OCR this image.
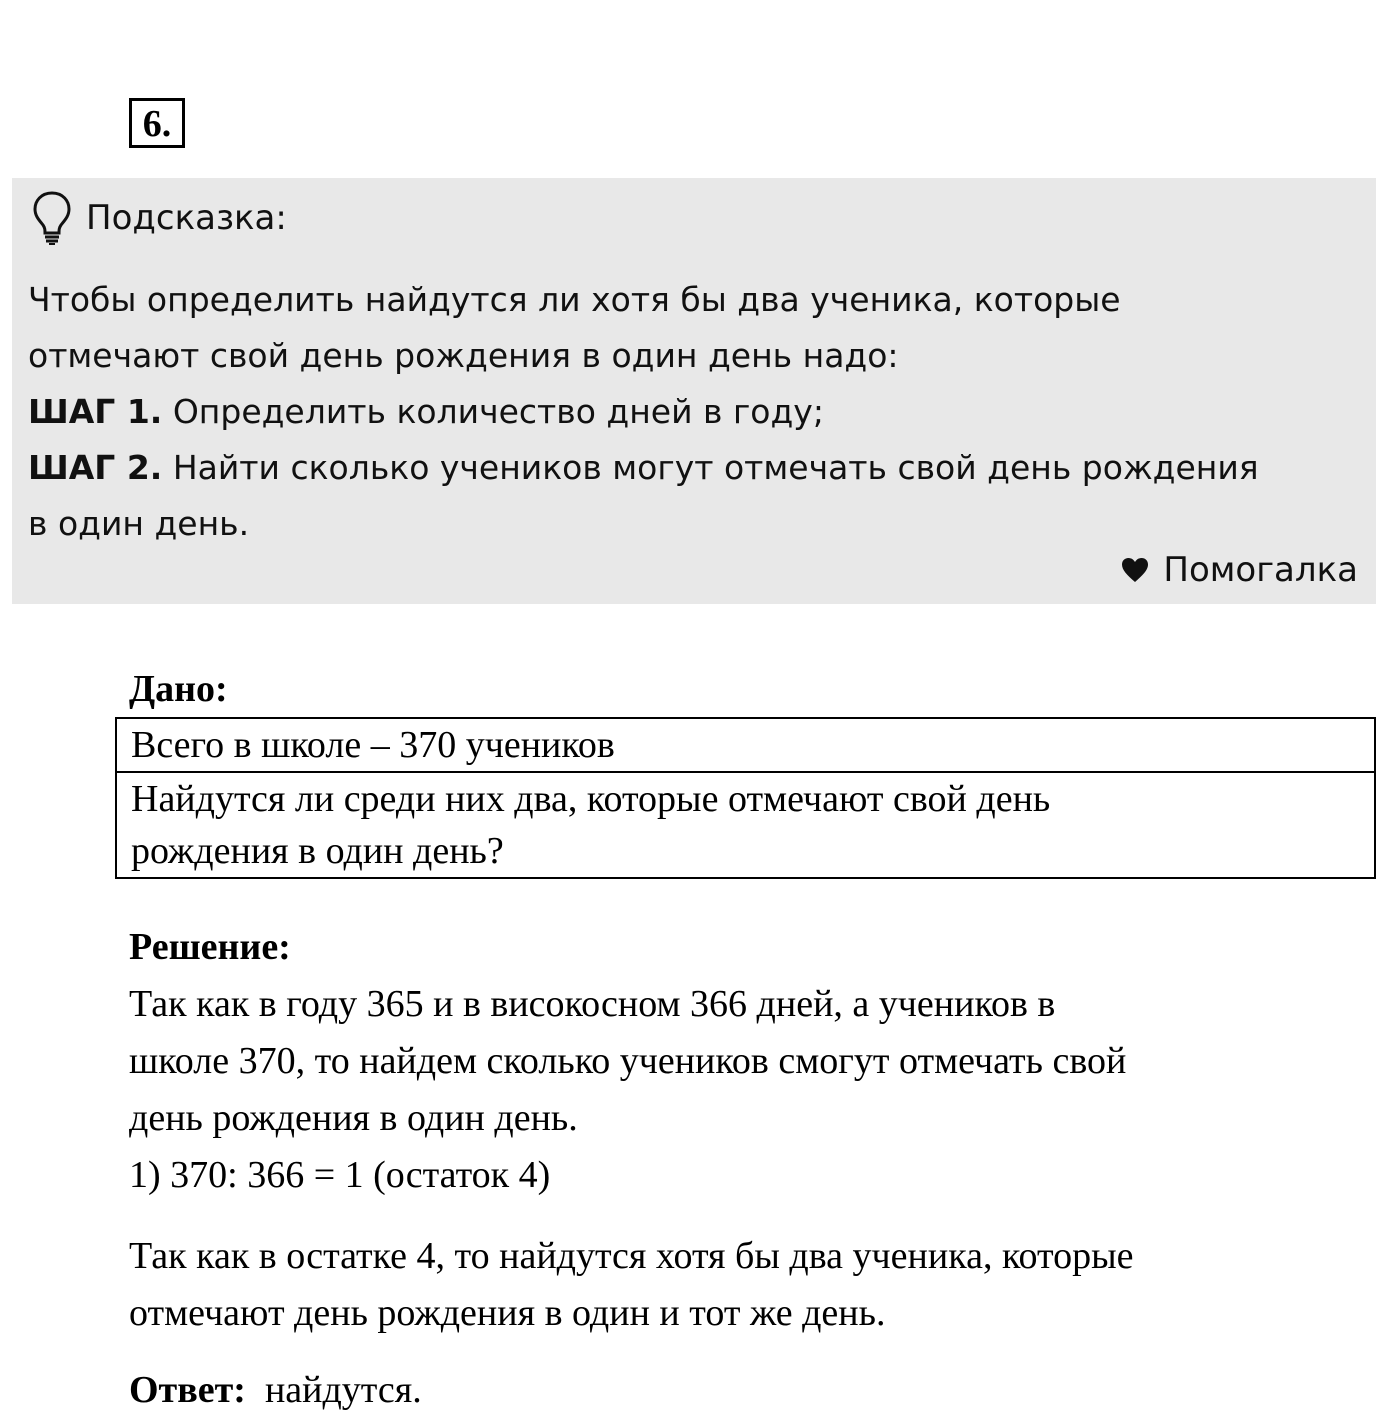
6.
Подсказка:
Чтобы определить найдутся ли хотя бы два ученика, которые
отмечают свой день рождения в один день надо:
ШАГ 1. Определить количество дней в году;
ШАГ 2. Найти сколько учеников могут отмечать свой день рождения
в один день.
Помогалка
Дано:
Всего в школе – 370 учеников
Найдутся ли среди них два, которые отмечают свой день
рождения в один день?
Решение:
Так как в году 365 и в високосном 366 дней, а учеников в
школе 370, то найдем сколько учеников смогут отмечать свой
день рождения в один день.
1) 370: 366 = 1 (остаток 4)
Так как в остатке 4, то найдутся хотя бы два ученика, которые
отмечают день рождения в один и тот же день.
Ответ:  найдутся.
